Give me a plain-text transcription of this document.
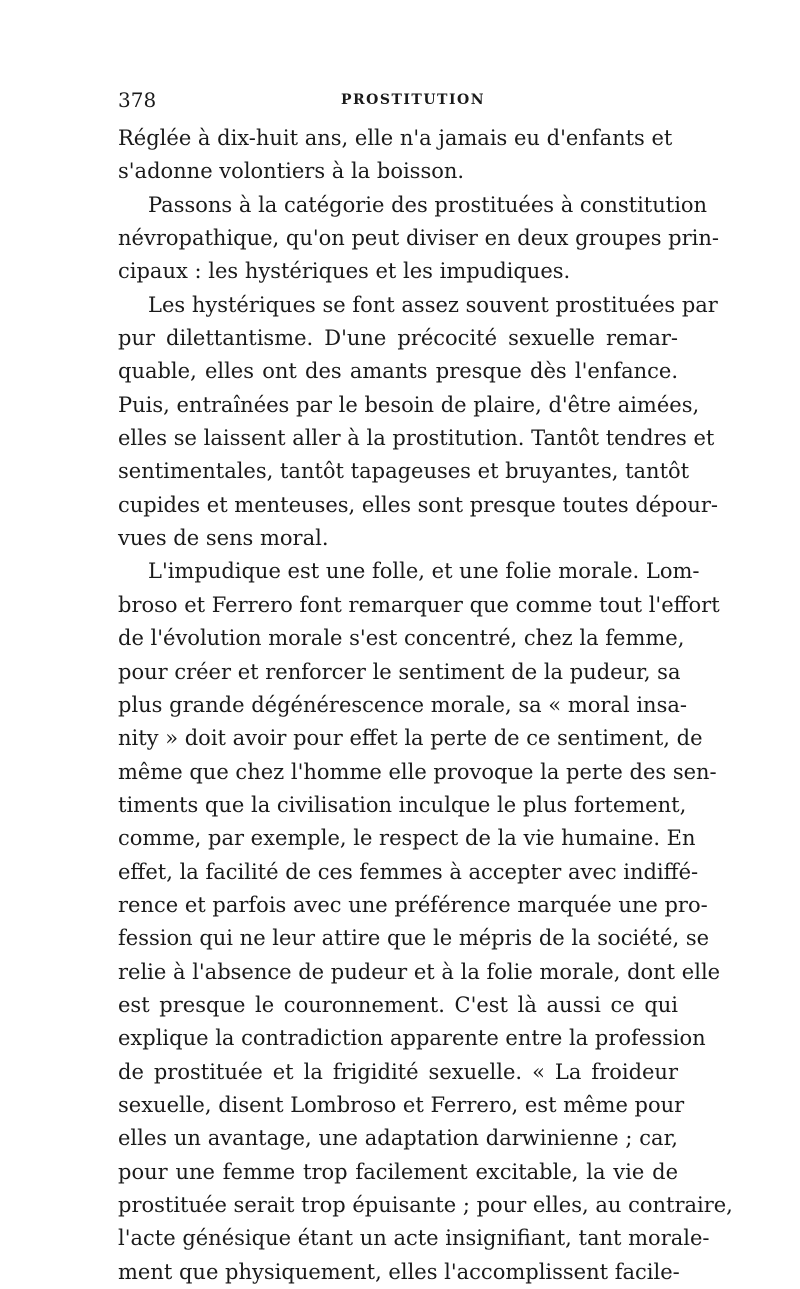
378	PROSTITUTION
Réglée à dix-huit ans, elle n'a jamais eu d'enfants et
s'adonne volontiers à la boisson.
Passons à la catégorie des prostituées à constitution
névropathique, qu'on peut diviser en deux groupes prin-
cipaux : les hystériques et les impudiques.
Les hystériques se font assez souvent prostituées par
pur dilettantisme. D'une précocité sexuelle remar-
quable, elles ont des amants presque dès l'enfance.
Puis, entraînées par le besoin de plaire, d'être aimées,
elles se laissent aller à la prostitution. Tantôt tendres et
sentimentales, tantôt tapageuses et bruyantes, tantôt
cupides et menteuses, elles sont presque toutes dépour-
vues de sens moral.
L'impudique est une folle, et une folie morale. Lom-
broso et Ferrero font remarquer que comme tout l'effort
de l'évolution morale s'est concentré, chez la femme,
pour créer et renforcer le sentiment de la pudeur, sa
plus grande dégénérescence morale, sa « moral insa-
nity » doit avoir pour effet la perte de ce sentiment, de
même que chez l'homme elle provoque la perte des sen-
timents que la civilisation inculque le plus fortement,
comme, par exemple, le respect de la vie humaine. En
effet, la facilité de ces femmes à accepter avec indiffé-
rence et parfois avec une préférence marquée une pro-
fession qui ne leur attire que le mépris de la société, se
relie à l'absence de pudeur et à la folie morale, dont elle
est presque le couronnement. C'est là aussi ce qui
explique la contradiction apparente entre la profession
de prostituée et la frigidité sexuelle. « La froideur
sexuelle, disent Lombroso et Ferrero, est même pour
elles un avantage, une adaptation darwinienne ; car,
pour une femme trop facilement excitable, la vie de
prostituée serait trop épuisante ; pour elles, au contraire,
l'acte génésique étant un acte insignifiant, tant morale-
ment que physiquement, elles l'accomplissent facile-
